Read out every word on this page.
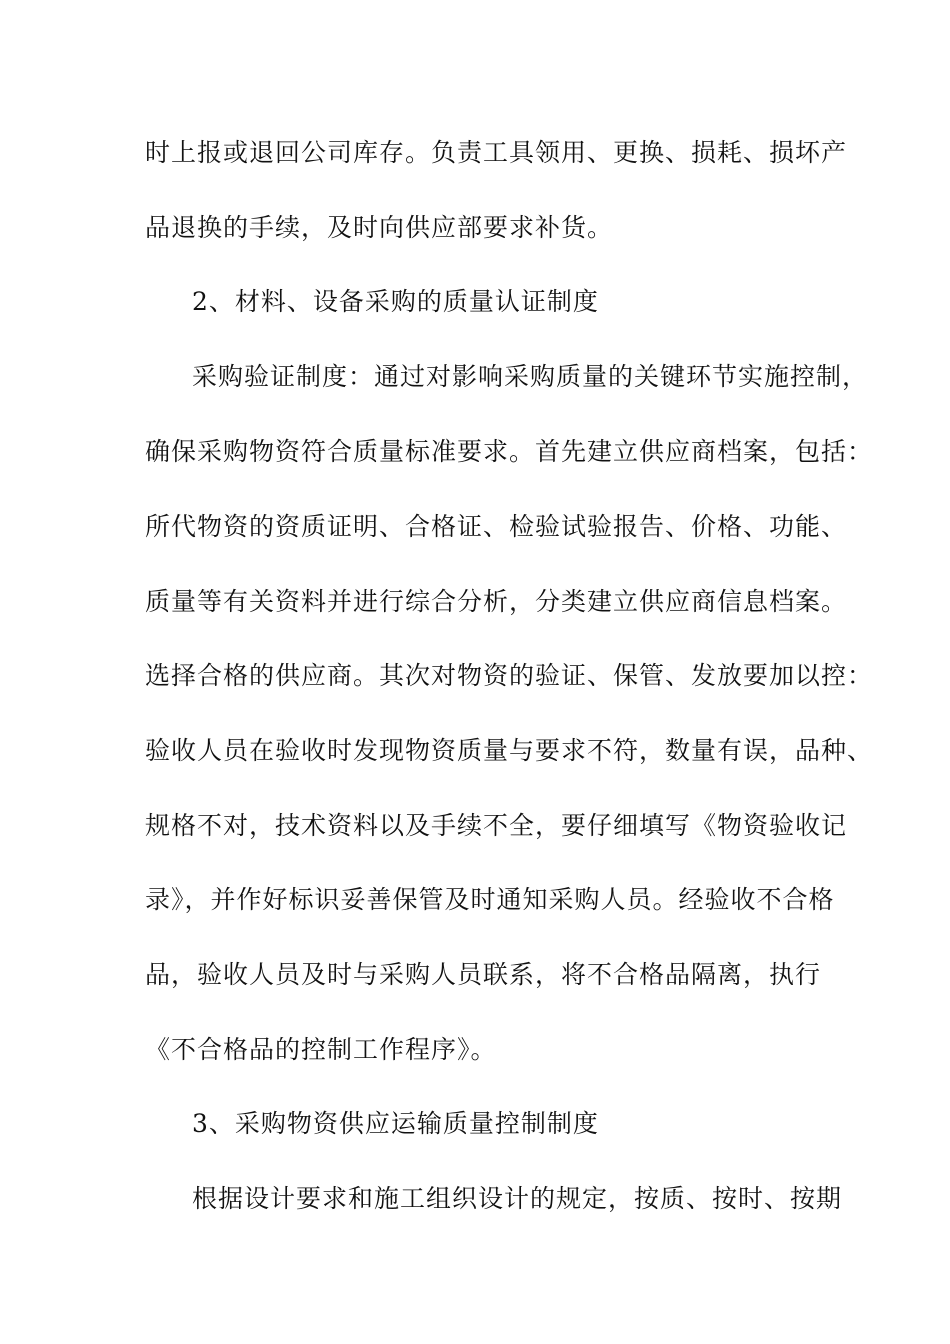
时上报或退回公司库存。负责工具领用、更换、损耗、损坏产
品退换的手续，及时向供应部要求补货。
2、材料、设备采购的质量认证制度
采购验证制度：通过对影响采购质量的关键环节实施控制，
确保采购物资符合质量标准要求。首先建立供应商档案，包括：
所代物资的资质证明、合格证、检验试验报告、价格、功能、
质量等有关资料并进行综合分析，分类建立供应商信息档案。
选择合格的供应商。其次对物资的验证、保管、发放要加以控：
验收人员在验收时发现物资质量与要求不符，数量有误，品种、
规格不对，技术资料以及手续不全，要仔细填写《物资验收记
录》，并作好标识妥善保管及时通知采购人员。经验收不合格
品，验收人员及时与采购人员联系，将不合格品隔离，执行
《不合格品的控制工作程序》。
3、采购物资供应运输质量控制制度
根据设计要求和施工组织设计的规定，按质、按时、按期
